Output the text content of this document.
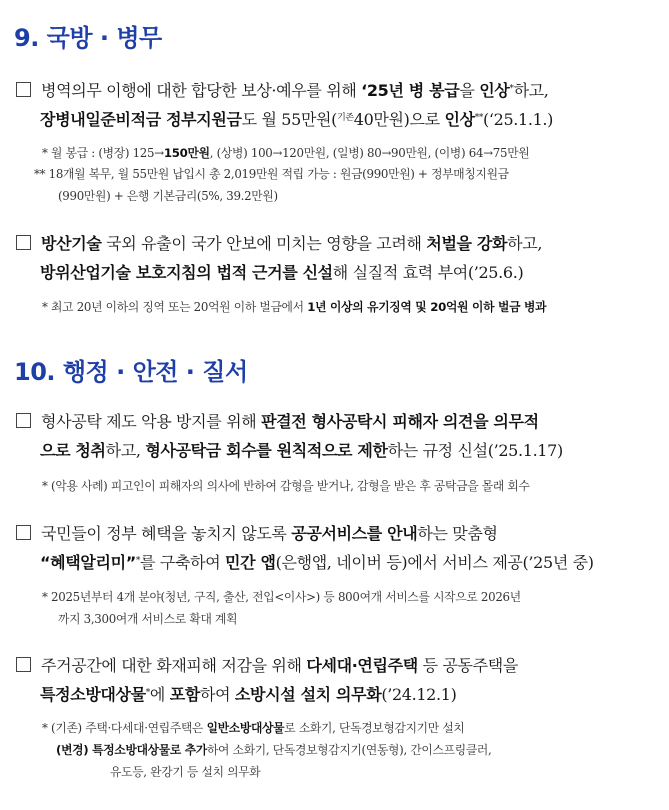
9. 국방 · 병무
병역의무 이행에 대한 합당한 보상·예우를 위해 ‘25년 병 봉급을 인상*하고,
장병내일준비적금 정부지원금도 월 55만원($^{기존}$40만원)으로 인상**(‘25.1.1.)
* 월 봉급 : (병장) 125→150만원, (상병) 100→120만원, (일병) 80→90만원, (이병) 64→75만원
** 18개월 복무, 월 55만원 납입시 총 2,019만원 적립 가능 : 원금(990만원) + 정부매칭지원금
(990만원) + 은행 기본금리(5%, 39.2만원)
방산기술 국외 유출이 국가 안보에 미치는 영향을 고려해 처벌을 강화하고,
방위산업기술 보호지침의 법적 근거를 신설해 실질적 효력 부여(’25.6.)
* 최고 20년 이하의 징역 또는 20억원 이하 벌금에서 1년 이상의 유기징역 및 20억원 이하 벌금 병과
10. 행정 · 안전 · 질서
형사공탁 제도 악용 방지를 위해 판결전 형사공탁시 피해자 의견을 의무적
으로 청취하고, 형사공탁금 회수를 원칙적으로 제한하는 규정 신설(’25.1.17)
* (악용 사례) 피고인이 피해자의 의사에 반하여 감형을 받거나, 감형을 받은 후 공탁금을 몰래 회수
국민들이 정부 혜택을 놓치지 않도록 공공서비스를 안내하는 맞춤형
“혜택알리미”*를 구축하여 민간 앱(은행앱, 네이버 등)에서 서비스 제공(’25년 중)
* 2025년부터 4개 분야(청년, 구직, 출산, 전입<이사>) 등 800여개 서비스를 시작으로 2026년
까지 3,300여개 서비스로 확대 계획
주거공간에 대한 화재피해 저감을 위해 다세대·연립주택 등 공동주택을
특정소방대상물*에 포함하여 소방시설 설치 의무화(’24.12.1)
* (기존) 주택·다세대·연립주택은 일반소방대상물로 소화기, 단독경보형감지기만 설치
(변경) 특정소방대상물로 추가하여 소화기, 단독경보형감지기(연동형), 간이스프링클러,
유도등, 완강기 등 설치 의무화
